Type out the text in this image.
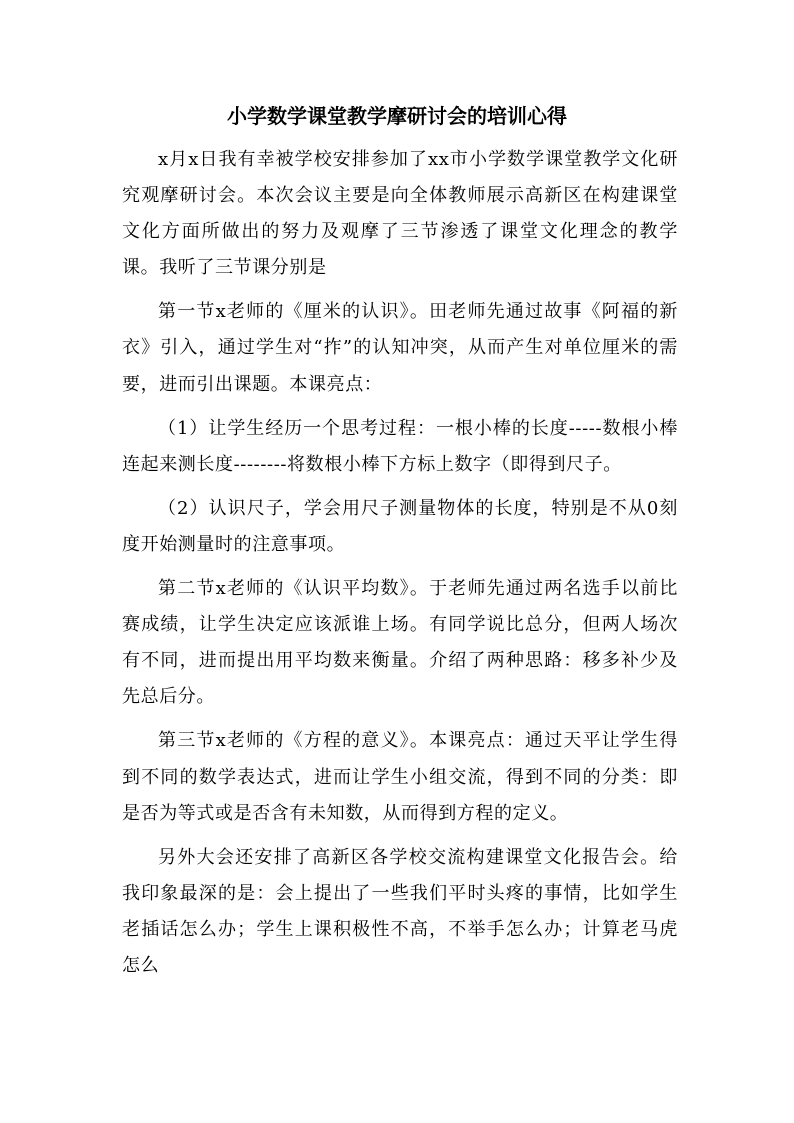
小学数学课堂教学摩研讨会的培训心得

x月x日我有幸被学校安排参加了xx市小学数学课堂教学文化研究观摩研讨会。本次会议主要是向全体教师展示高新区在构建课堂文化方面所做出的努力及观摩了三节渗透了课堂文化理念的教学课。我听了三节课分别是

第一节x老师的《厘米的认识》。田老师先通过故事《阿福的新衣》引入，通过学生对“拃”的认知冲突，从而产生对单位厘米的需要，进而引出课题。本课亮点：

（1）让学生经历一个思考过程：一根小棒的长度-----数根小棒连起来测长度--------将数根小棒下方标上数字（即得到尺子。

（2）认识尺子，学会用尺子测量物体的长度，特别是不从0刻度开始测量时的注意事项。

第二节x老师的《认识平均数》。于老师先通过两名选手以前比赛成绩，让学生决定应该派谁上场。有同学说比总分，但两人场次有不同，进而提出用平均数来衡量。介绍了两种思路：移多补少及先总后分。

第三节x老师的《方程的意义》。本课亮点：通过天平让学生得到不同的数学表达式，进而让学生小组交流，得到不同的分类：即是否为等式或是否含有未知数，从而得到方程的定义。

另外大会还安排了高新区各学校交流构建课堂文化报告会。给我印象最深的是：会上提出了一些我们平时头疼的事情，比如学生老插话怎么办；学生上课积极性不高，不举手怎么办；计算老马虎怎么
